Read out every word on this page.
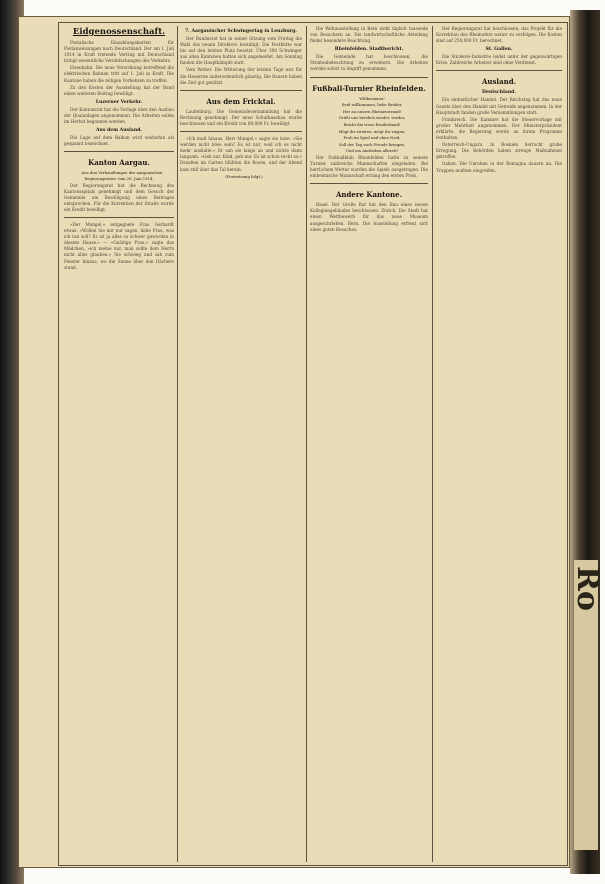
Ro
Eidgenossenschaft.

Postalische Einzahlungskarten für Postanweisungen nach Deutschland. Der am 1. Juli 1914 in Kraft tretende Vertrag mit Deutschland bringt wesentliche Vereinfachungen des Verkehrs.

Eisenbahn. Die neue Verordnung betreffend die elektrischen Bahnen tritt auf 1. Juli in Kraft. Die Kantone haben die nötigen Vorkehren zu treffen.

Zu den Kosten der Ausstellung hat der Bund einen weiteren Beitrag bewilligt.

Luzerner Verkehr.

Der Kantonsrat hat die Vorlage über den Ausbau der Quaianlagen angenommen. Die Arbeiten sollen im Herbst begonnen werden.

Aus dem Ausland.

Die Lage auf dem Balkan wird weiterhin als gespannt bezeichnet.

Kanton Aargau.

Aus den Verhandlungen des aargauischen Regierungsrates vom 26. Juni 1914.

Der Regierungsrat hat die Rechnung des Kantonsspitals genehmigt und dem Gesuch der Gemeinde um Bewilligung eines Beitrages entsprochen. Für die Korrektion der Straße wurde ein Kredit bewilligt.

»Der Mangel,« entgegnete Frau Gerhardt etwas. »Wollen Sie mir nur sagen, liebe Frau, was ich tun soll? Es ist ja alles so schwer geworden in diesem Hause.« — »Gnädige Frau,« sagte das Mädchen, »ich meine nur, man sollte dem Herrn nicht alles glauben.« Sie schwieg und sah zum Fenster hinaus, wo die Sonne über den Dächern stand.

7. Aargauischer Schwingertag in Lenzburg.

Der Bundesrat hat in seiner Sitzung vom Freitag die Wahl des neuen Direktors bestätigt. Die Festhütte war bis auf den letzten Platz besetzt. Über 300 Schwinger aus allen Kantonen hatten sich angemeldet. Am Sonntag fanden die Hauptkämpfe statt.

Vom Wetter. Die Witterung der letzten Tage war für die Heuernte außerordentlich günstig. Die Bauern haben die Zeit gut genützt.

Aus dem Fricktal.

Laufenburg. Die Gemeindeversammlung hat die Rechnung genehmigt. Der neue Schulhausbau wurde beschlossen und ein Kredit von 80,000 Fr. bewilligt.

»Ich muß hinaus, Herr Mangel,« sagte sie leise. »Sie werden nicht böse sein? Es ist nur, weil ich es nicht mehr aushalte.« Er sah sie lange an und nickte dann langsam. »Geh nur, Kind, geh nur. Es ist schon recht so.« Draußen im Garten blühten die Rosen, und der Abend kam still über das Tal herein.

(Fortsetzung folgt.)

Die Weltausstellung in Bern zieht täglich tausende von Besuchern an. Die landwirtschaftliche Abteilung findet besondere Beachtung.

Rheinfelden. Stadtbericht.

Die Gemeinde hat beschlossen, die Straßenbeleuchtung zu erweitern. Die Arbeiten werden sofort in Angriff genommen.

Fußball-Turnier Rheinfelden.

Willkommen!

Seid willkommen, liebe Brüder,

Her an unsern Rheinesstrand!

Grüßt uns herzlich wieder, wieder,

Reicht die treue Bruderhand!

Mögt ihr streiten, mögt ihr ringen,

Froh im Spiel und ohne Neid,

Soll der Tag euch Freude bringen,

Und ein Andenken allezeit!

Der Fußballklub Rheinfelden hatte zu seinem Turnier zahlreiche Mannschaften eingeladen. Bei herrlichem Wetter wurden die Spiele ausgetragen. Die einheimische Mannschaft errang den ersten Preis.

Andere Kantone.

Basel. Der Große Rat hat den Bau eines neuen Kollegiengebäudes beschlossen. Zürich. Die Stadt hat einen Wettbewerb für das neue Museum ausgeschrieben. Bern. Die Ausstellung erfreut sich eines guten Besuches.

Der Regierungsrat hat beschlossen, das Projekt für die Korrektion des Rheinufers weiter zu verfolgen. Die Kosten sind auf 250,000 Fr. berechnet.

St. Gallen.

Die Stickerei-Industrie leidet unter der gegenwärtigen Krise. Zahlreiche Arbeiter sind ohne Verdienst.

Ausland.
Deutschland.

Ein einheitlicher Handel. Der Reichstag hat das neue Gesetz über den Handel mit Getreide angenommen. In der Hauptstadt fanden große Versammlungen statt.

Frankreich. Die Kammer hat die Steuervorlage mit großer Mehrheit angenommen. Der Ministerpräsident erklärte, die Regierung werde an ihrem Programm festhalten.

Österreich-Ungarn. In Bosnien herrscht große Erregung. Die Behörden haben strenge Maßnahmen getroffen.

Italien. Die Unruhen in der Romagna dauern an. Die Truppen mußten eingreifen.
